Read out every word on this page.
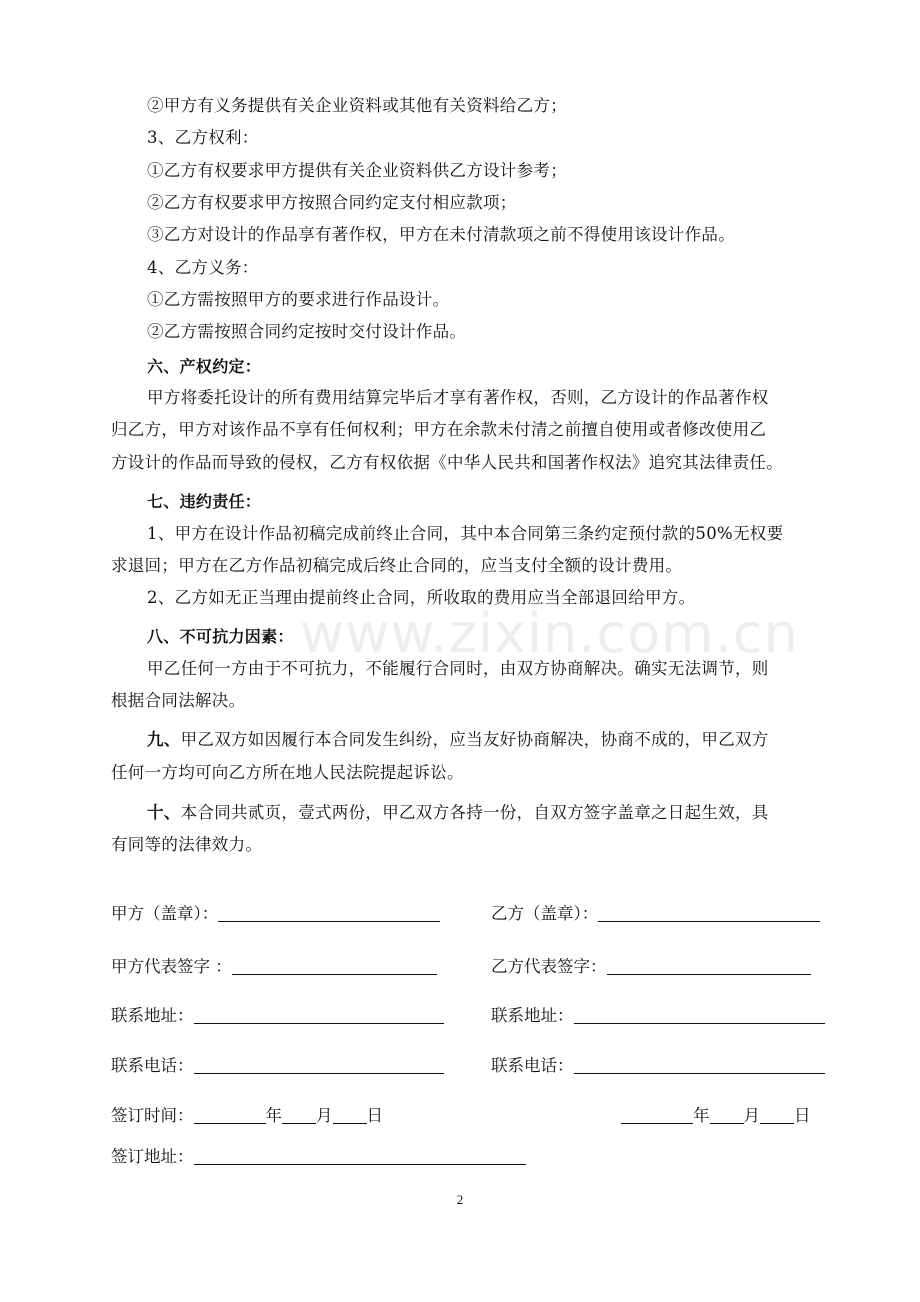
②甲方有义务提供有关企业资料或其他有关资料给乙方；
3、乙方权利：
①乙方有权要求甲方提供有关企业资料供乙方设计参考；
②乙方有权要求甲方按照合同约定支付相应款项；
③乙方对设计的作品享有著作权，甲方在未付清款项之前不得使用该设计作品。
4、乙方义务：
①乙方需按照甲方的要求进行作品设计。
②乙方需按照合同约定按时交付设计作品。
六、产权约定：
甲方将委托设计的所有费用结算完毕后才享有著作权，否则，乙方设计的作品著作权
归乙方，甲方对该作品不享有任何权利；甲方在余款未付清之前擅自使用或者修改使用乙
方设计的作品而导致的侵权，乙方有权依据《中华人民共和国著作权法》追究其法律责任。
七、违约责任：
1、甲方在设计作品初稿完成前终止合同，其中本合同第三条约定预付款的50%无权要
求退回；甲方在乙方作品初稿完成后终止合同的，应当支付全额的设计费用。
2、乙方如无正当理由提前终止合同，所收取的费用应当全部退回给甲方。
八、不可抗力因素：
甲乙任何一方由于不可抗力，不能履行合同时，由双方协商解决。确实无法调节，则
根据合同法解决。
九、甲乙双方如因履行本合同发生纠纷，应当友好协商解决，协商不成的，甲乙双方
任何一方均可向乙方所在地人民法院提起诉讼。
十、本合同共贰页，壹式两份，甲乙双方各持一份，自双方签字盖章之日起生效，具
有同等的法律效力。
www.zixin.com.cn
甲方（盖章）：	乙方（盖章）：
甲方代表签字 ：	乙方代表签字：
联系地址：	联系地址：
联系电话：	联系电话：
签订时间：	年 月 日	年 月 日
签订地址：
2
